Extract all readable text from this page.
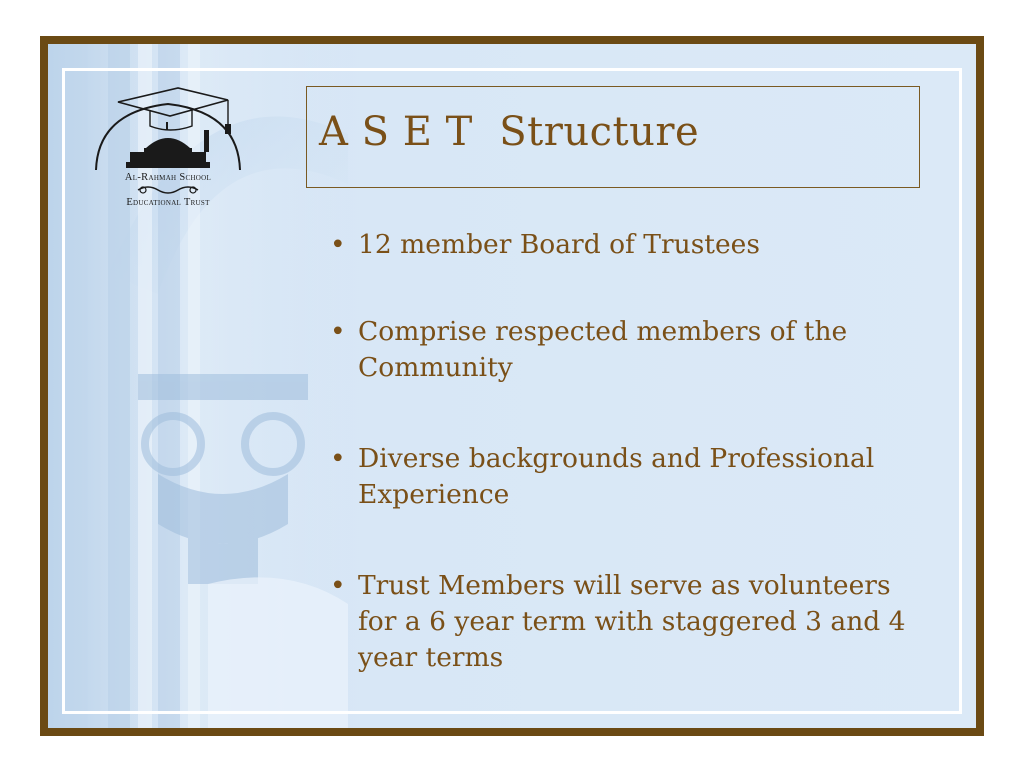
Al-Rahmah School
Educational Trust
A S E T  Structure
• 12 member Board of Trustees
• Comprise respected members of the Community
• Diverse backgrounds and Professional Experience
• Trust Members will serve as volunteers for a 6 year term with staggered 3 and 4 year terms
